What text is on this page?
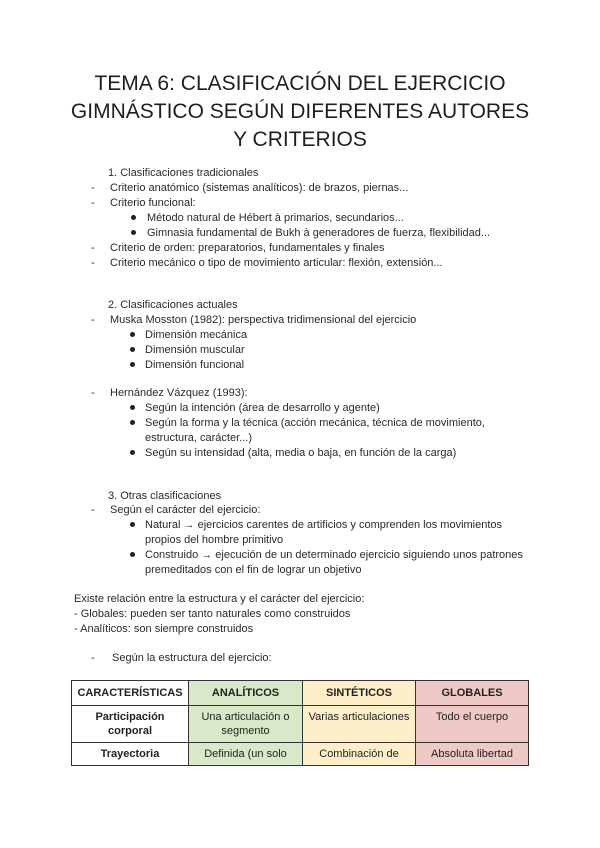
TEMA 6: CLASIFICACIÓN DEL EJERCICIO
GIMNÁSTICO SEGÚN DIFERENTES AUTORES
Y CRITERIOS
1. Clasificaciones tradicionales
- Criterio anatómico (sistemas analíticos): de brazos, piernas...
- Criterio funcional:
Método natural de Hébert à primarios, secundarios...
Gimnasia fundamental de Bukh à generadores de fuerza, flexibilidad...
- Criterio de orden: preparatorios, fundamentales y finales
- Criterio mecánico o tipo de movimiento articular: flexión, extensión...
2. Clasificaciones actuales
- Muska Mosston (1982): perspectiva tridimensional del ejercicio
Dimensión mecánica
Dimensión muscular
Dimensión funcional
- Hernández Vázquez (1993):
Según la intención (área de desarrollo y agente)
Según la forma y la técnica (acción mecánica, técnica de movimiento,
estructura, carácter...)
Según su intensidad (alta, media o baja, en función de la carga)
3. Otras clasificaciones
- Según el carácter del ejercicio:
Natural → ejercicios carentes de artificios y comprenden los movimientos
propios del hombre primitivo
Construido → ejecución de un determinado ejercicio siguiendo unos patrones
premeditados con el fin de lograr un objetivo
Existe relación entre la estructura y el carácter del ejercicio:
- Globales: pueden ser tanto naturales como construidos
- Analíticos: son siempre construidos
- Según la estructura del ejercicio:
CARACTERÍSTICAS	ANALÍTICOS	SINTÉTICOS	GLOBALES
Participación corporal	Una articulación o segmento	Varias articulaciones	Todo el cuerpo
Trayectoria	Definida (un solo	Combinación de	Absoluta libertad
